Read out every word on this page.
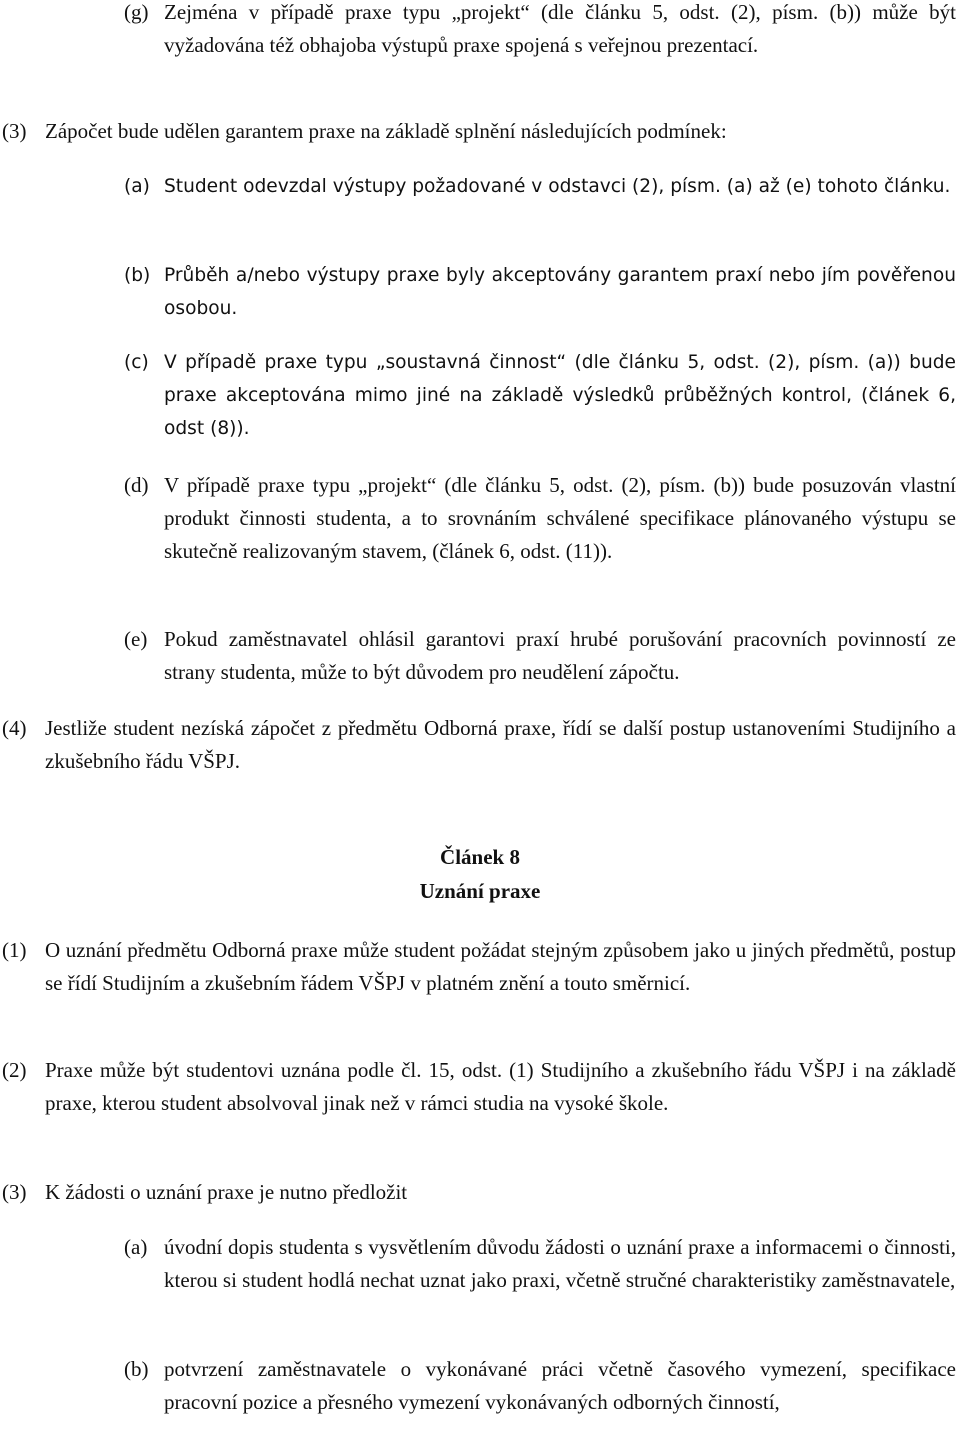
(g) Zejména v případě praxe typu „projekt“ (dle článku 5, odst. (2), písm. (b)) může být vyžadována též obhajoba výstupů praxe spojená s veřejnou prezentací.
(3) Zápočet bude udělen garantem praxe na základě splnění následujících podmínek:
(a) Student odevzdal výstupy požadované v odstavci (2), písm. (a) až (e) tohoto článku.
(b) Průběh a/nebo výstupy praxe byly akceptovány garantem praxí nebo jím pověřenou osobou.
(c) V případě praxe typu „soustavná činnost“ (dle článku 5, odst. (2), písm. (a)) bude praxe akceptována mimo jiné na základě výsledků průběžných kontrol, (článek 6, odst (8)).
(d) V případě praxe typu „projekt“ (dle článku 5, odst. (2), písm. (b)) bude posuzován vlastní produkt činnosti studenta, a to srovnáním schválené specifikace plánovaného výstupu se skutečně realizovaným stavem, (článek 6, odst. (11)).
(e) Pokud zaměstnavatel ohlásil garantovi praxí hrubé porušování pracovních povinností ze strany studenta, může to být důvodem pro neudělení zápočtu.
(4) Jestliže student nezíská zápočet z předmětu Odborná praxe, řídí se další postup ustanoveními Studijního a zkušebního řádu VŠPJ.
Článek 8
Uznání praxe
(1) O uznání předmětu Odborná praxe může student požádat stejným způsobem jako u jiných předmětů, postup se řídí Studijním a zkušebním řádem VŠPJ v platném znění a touto směrnicí.
(2) Praxe může být studentovi uznána podle čl. 15, odst. (1) Studijního a zkušebního řádu VŠPJ i na základě praxe, kterou student absolvoval jinak než v rámci studia na vysoké škole.
(3) K žádosti o uznání praxe je nutno předložit
(a) úvodní dopis studenta s vysvětlením důvodu žádosti o uznání praxe a informacemi o činnosti, kterou si student hodlá nechat uznat jako praxi, včetně stručné charakteristiky zaměstnavatele,
(b) potvrzení zaměstnavatele o vykonávané práci včetně časového vymezení, specifikace pracovní pozice a přesného vymezení vykonávaných odborných činností,
